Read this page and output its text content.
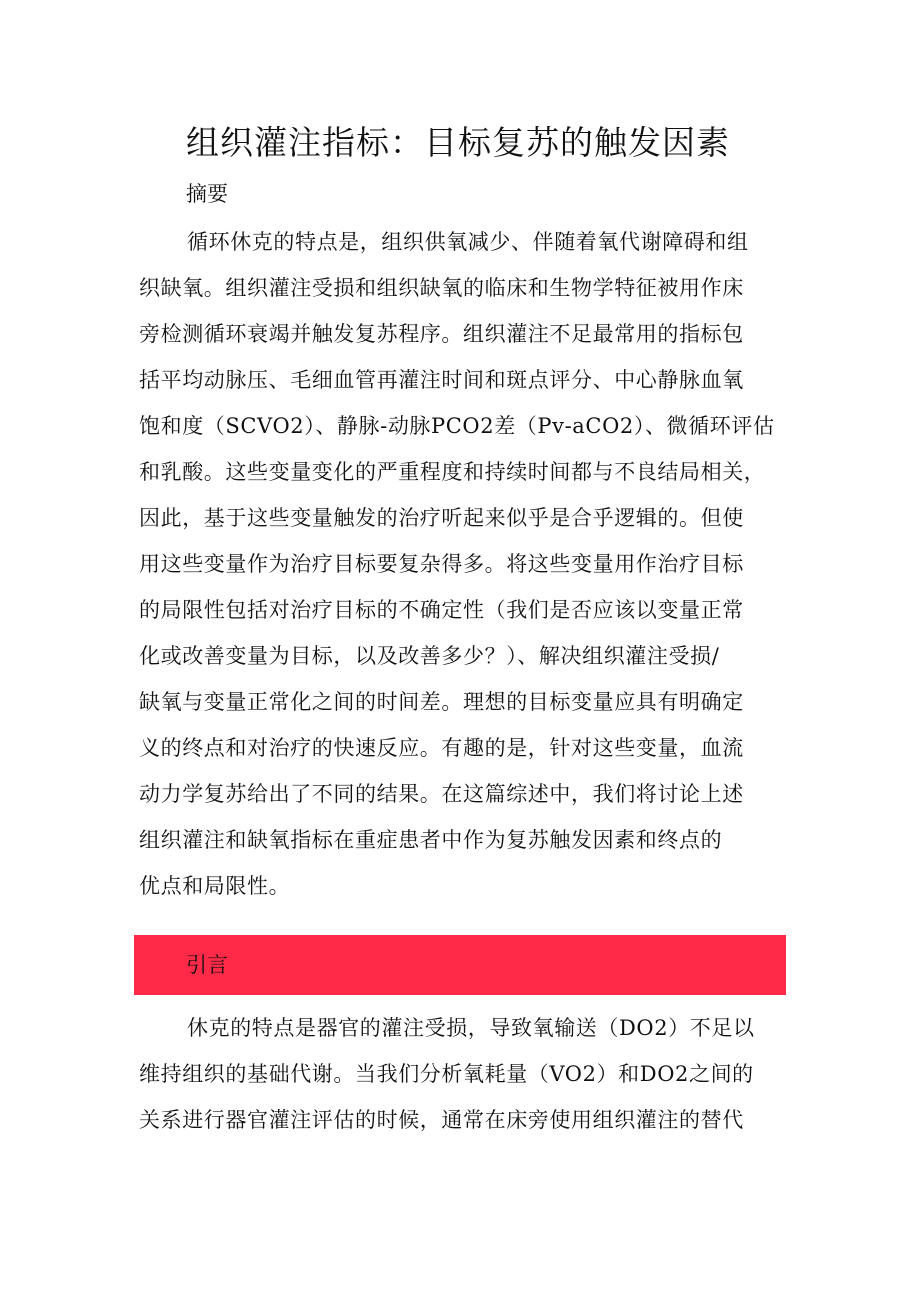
组织灌注指标：目标复苏的触发因素
摘要
循环休克的特点是，组织供氧减少、伴随着氧代谢障碍和组
织缺氧。组织灌注受损和组织缺氧的临床和生物学特征被用作床
旁检测循环衰竭并触发复苏程序。组织灌注不足最常用的指标包
括平均动脉压、毛细血管再灌注时间和斑点评分、中心静脉血氧
饱和度（SCVO2）、静脉-动脉PCO2差（Pv-aCO2）、微循环评估
和乳酸。这些变量变化的严重程度和持续时间都与不良结局相关，
因此，基于这些变量触发的治疗听起来似乎是合乎逻辑的。但使
用这些变量作为治疗目标要复杂得多。将这些变量用作治疗目标
的局限性包括对治疗目标的不确定性（我们是否应该以变量正常
化或改善变量为目标，以及改善多少？）、解决组织灌注受损/
缺氧与变量正常化之间的时间差。理想的目标变量应具有明确定
义的终点和对治疗的快速反应。有趣的是，针对这些变量，血流
动力学复苏给出了不同的结果。在这篇综述中，我们将讨论上述
组织灌注和缺氧指标在重症患者中作为复苏触发因素和终点的
优点和局限性。
引言
休克的特点是器官的灌注受损，导致氧输送（DO2）不足以
维持组织的基础代谢。当我们分析氧耗量（VO2）和DO2之间的
关系进行器官灌注评估的时候，通常在床旁使用组织灌注的替代
